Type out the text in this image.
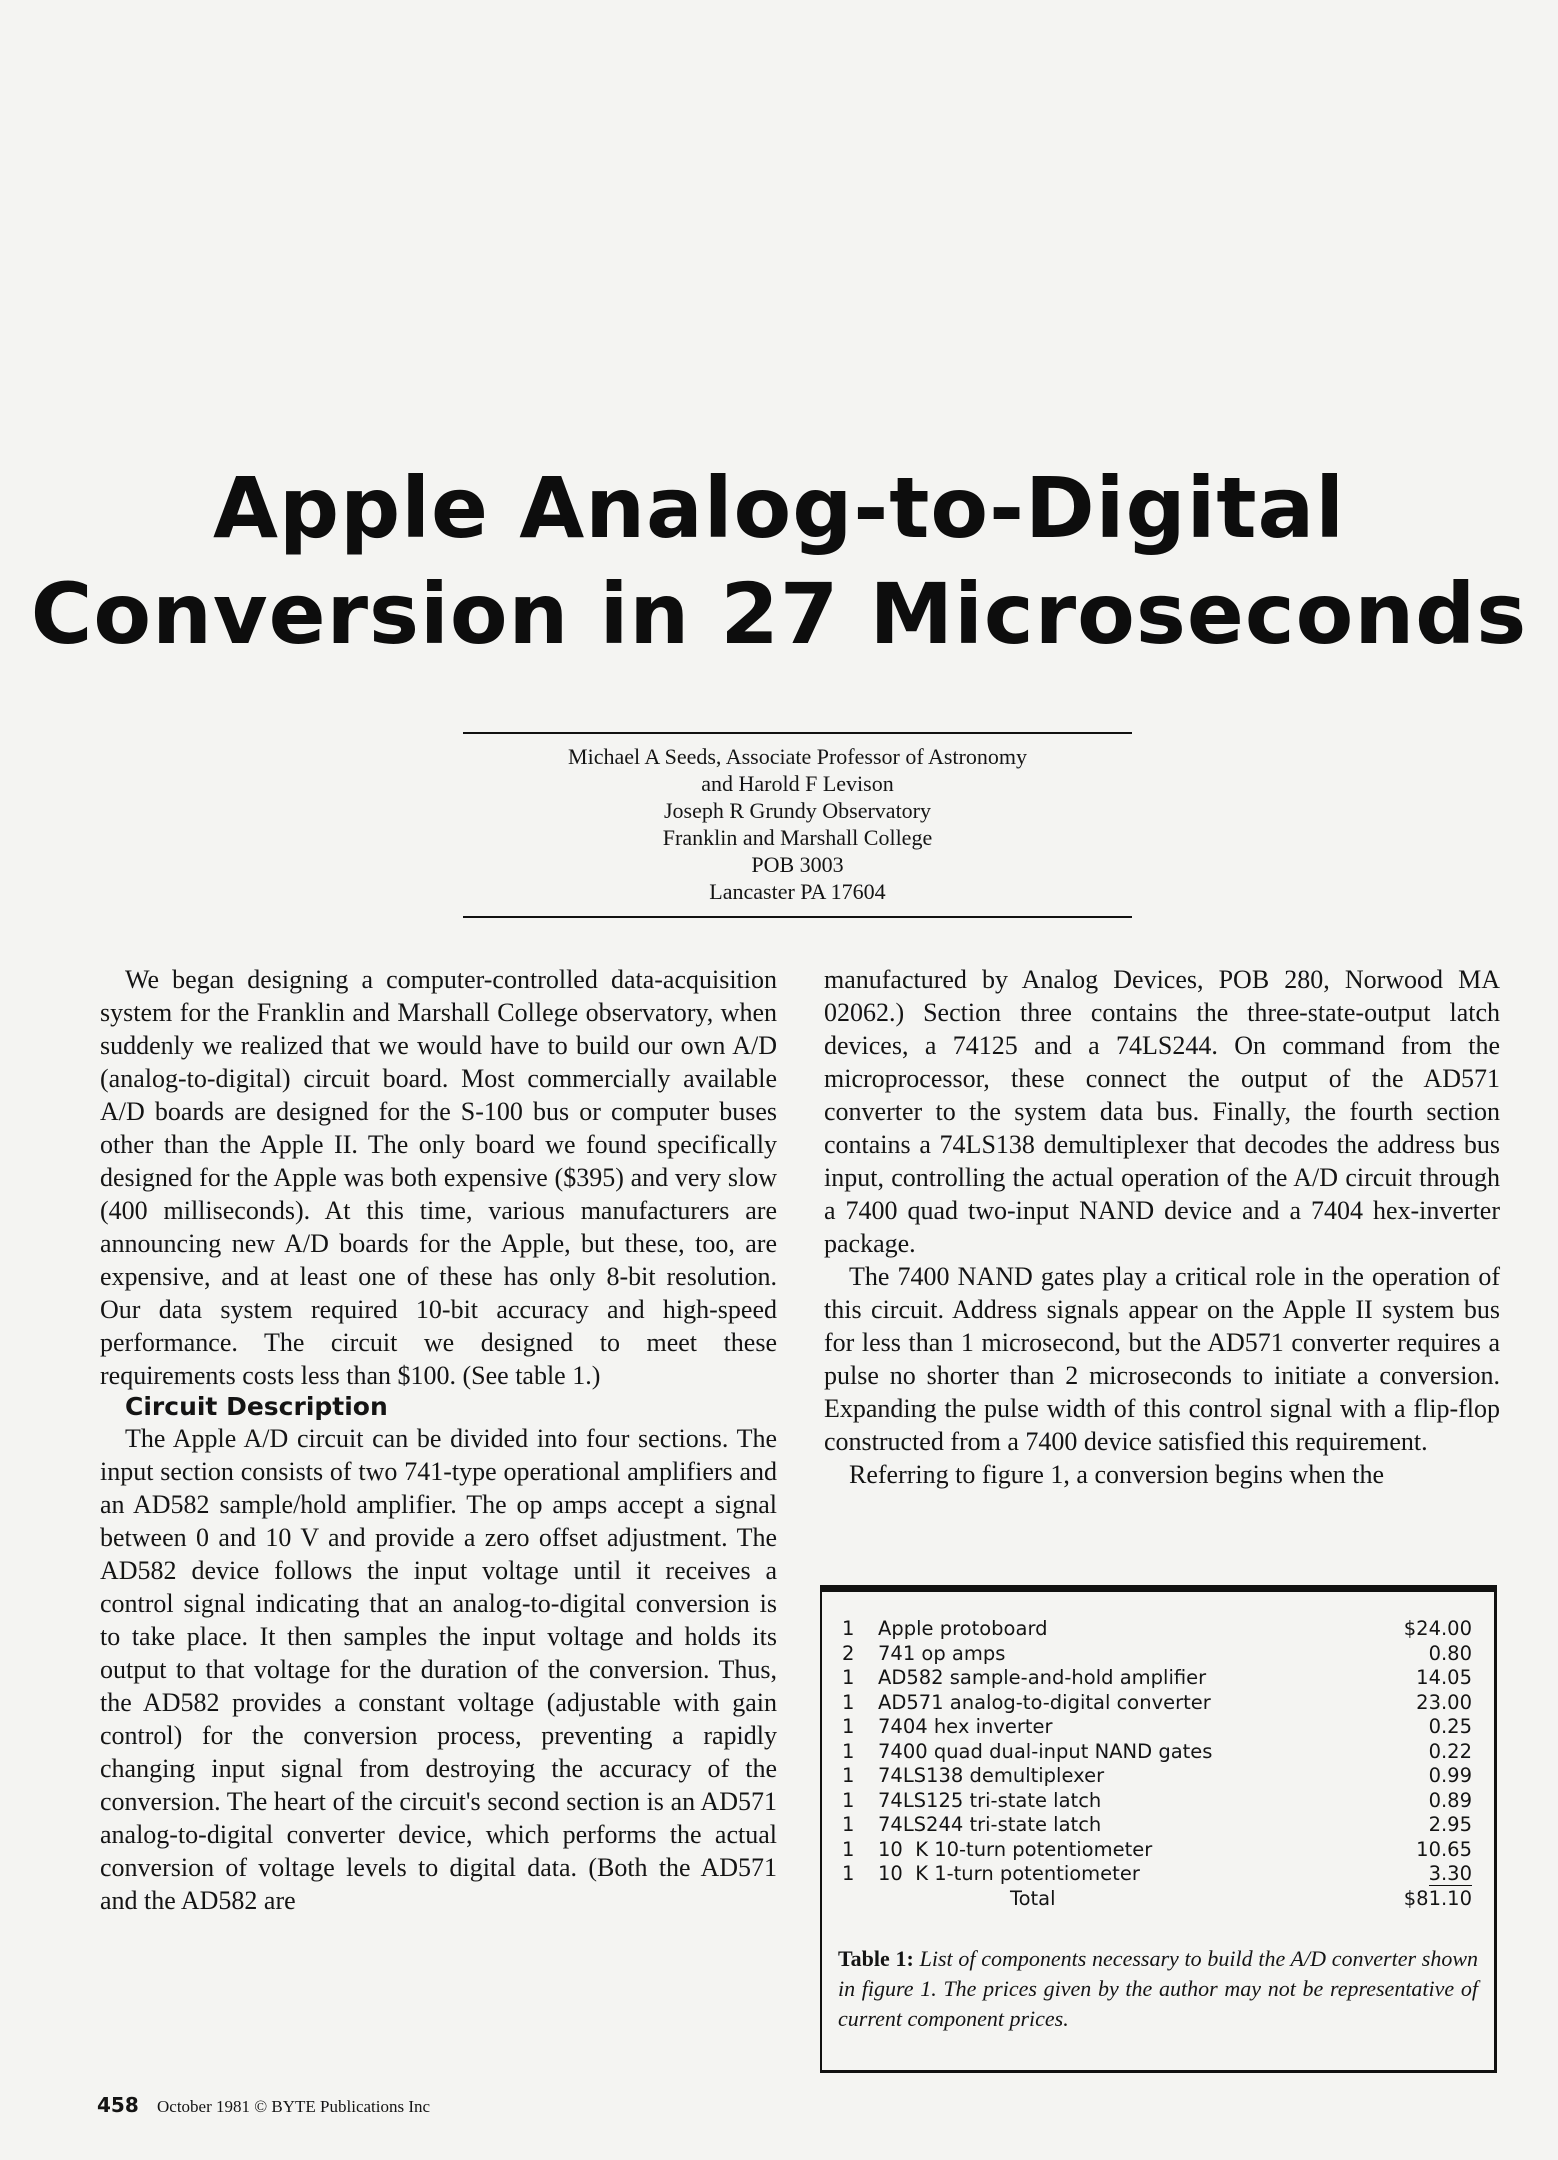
Apple Analog-to-Digital
Conversion in 27 Microseconds
Michael A Seeds, Associate Professor of Astronomy
and Harold F Levison
Joseph R Grundy Observatory
Franklin and Marshall College
POB 3003
Lancaster PA 17604

We began designing a computer-controlled data-acquisition system for the Franklin and Marshall College observatory, when suddenly we realized that we would have to build our own A/D (analog-to-digital) circuit board. Most commercially available A/D boards are designed for the S-100 bus or computer buses other than the Apple II. The only board we found specifically designed for the Apple was both expensive ($395) and very slow (400 milliseconds). At this time, various manufacturers are announcing new A/D boards for the Apple, but these, too, are expensive, and at least one of these has only 8-bit resolution. Our data system required 10-bit accuracy and high-speed performance. The circuit we designed to meet these requirements costs less than $100. (See table 1.)

Circuit Description

The Apple A/D circuit can be divided into four sections. The input section consists of two 741-type operational amplifiers and an AD582 sample/hold amplifier. The op amps accept a signal between 0 and 10 V and provide a zero offset adjustment. The AD582 device follows the input voltage until it receives a control signal indicating that an analog-to-digital conversion is to take place. It then samples the input voltage and holds its output to that voltage for the duration of the conversion. Thus, the AD582 provides a constant voltage (adjustable with gain control) for the conversion process, preventing a rapidly changing input signal from destroying the accuracy of the conversion. The heart of the circuit's second section is an AD571 analog-to-digital converter device, which performs the actual conversion of voltage levels to digital data. (Both the AD571 and the AD582 are

manufactured by Analog Devices, POB 280, Norwood MA 02062.) Section three contains the three-state-output latch devices, a 74125 and a 74LS244. On command from the microprocessor, these connect the output of the AD571 converter to the system data bus. Finally, the fourth section contains a 74LS138 demultiplexer that decodes the address bus input, controlling the actual operation of the A/D circuit through a 7400 quad two-input NAND device and a 7404 hex-inverter package.

The 7400 NAND gates play a critical role in the operation of this circuit. Address signals appear on the Apple II system bus for less than 1 microsecond, but the AD571 converter requires a pulse no shorter than 2 microseconds to initiate a conversion. Expanding the pulse width of this control signal with a flip-flop constructed from a 7400 device satisfied this requirement.

Referring to figure 1, a conversion begins when the

1	Apple protoboard	$24.00
2	741 op amps	0.80
1	AD582 sample-and-hold amplifier	14.05
1	AD571 analog-to-digital converter	23.00
1	7404 hex inverter	0.25
1	7400 quad dual-input NAND gates	0.22
1	74LS138 demultiplexer	0.99
1	74LS125 tri-state latch	0.89
1	74LS244 tri-state latch	2.95
1	10  K 10-turn potentiometer	10.65
1	10  K 1-turn potentiometer	3.30
Total	$81.10
Table 1: List of components necessary to build the A/D converter shown in figure 1. The prices given by the author may not be representative of current component prices.
458 October 1981 © BYTE Publications Inc
